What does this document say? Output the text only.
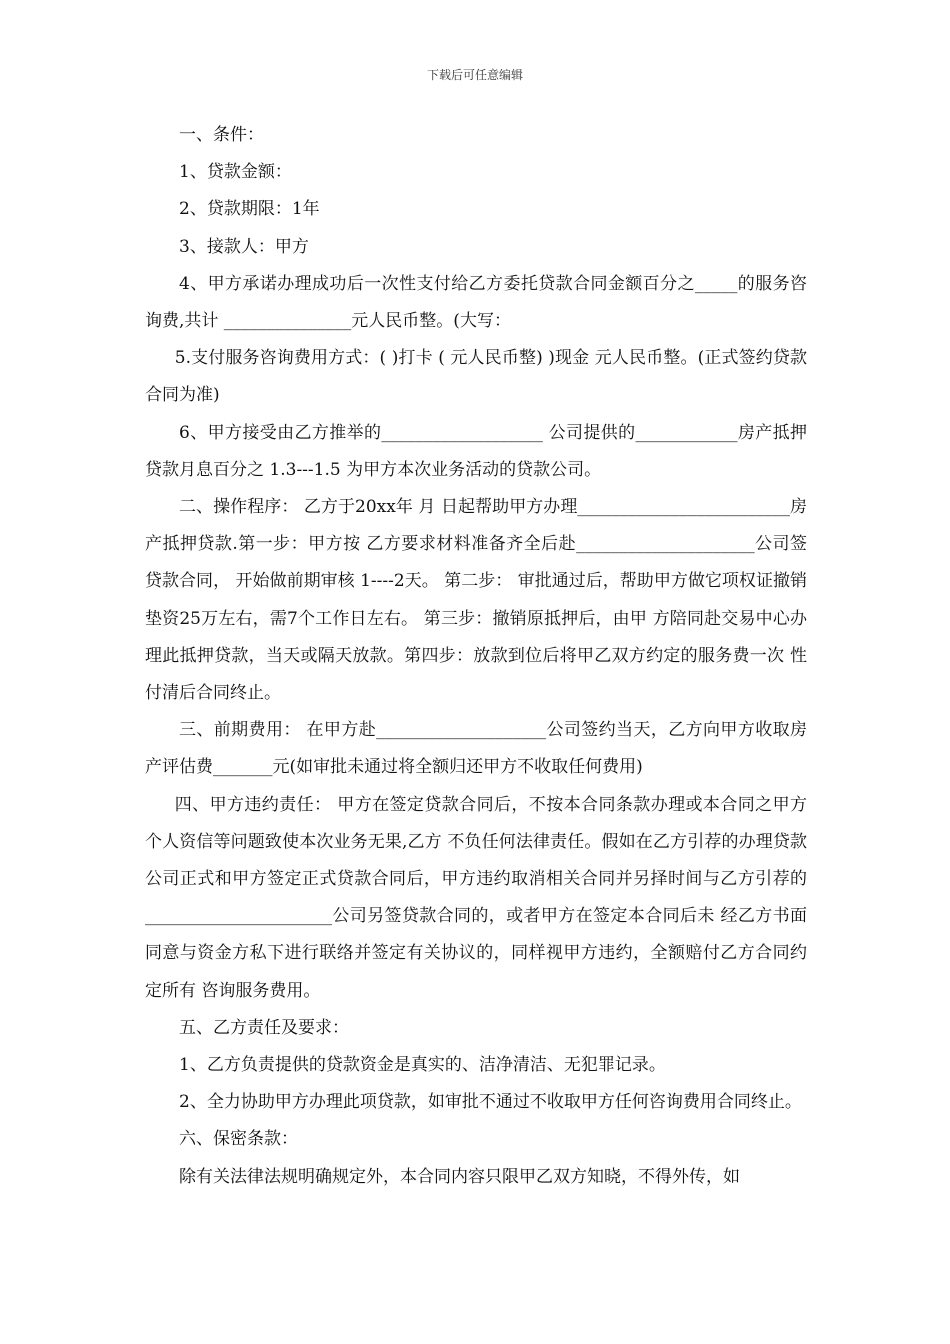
下载后可任意编辑

一、条件：

1、贷款金额：

2、贷款期限：1年

3、接款人：甲方

4、甲方承诺办理成功后一次性支付给乙方委托贷款合同金额百分之_____的服务咨询费,共计 _______________元人民币整。(大写：

5.支付服务咨询费用方式：( )打卡 ( 元人民币整) )现金 元人民币整。(正式签约贷款合同为准)

6、甲方接受由乙方推举的___________________ 公司提供的____________房产抵押贷款月息百分之 1.3---1.5 为甲方本次业务活动的贷款公司。

二、操作程序： 乙方于20xx年 月 日起帮助甲方办理_________________________房产抵押贷款.第一步：甲方按 乙方要求材料准备齐全后赴_____________________公司签贷款合同， 开始做前期审核 1----2天。 第二步： 审批通过后，帮助甲方做它项权证撤销垫资25万左右，需7个工作日左右。 第三步：撤销原抵押后，由甲 方陪同赴交易中心办理此抵押贷款，当天或隔天放款。第四步：放款到位后将甲乙双方约定的服务费一次 性付清后合同终止。

三、前期费用： 在甲方赴____________________公司签约当天，乙方向甲方收取房产评估费_______元(如审批未通过将全额归还甲方不收取任何费用)

四、甲方违约责任： 甲方在签定贷款合同后，不按本合同条款办理或本合同之甲方个人资信等问题致使本次业务无果,乙方 不负任何法律责任。假如在乙方引荐的办理贷款公司正式和甲方签定正式贷款合同后，甲方违约取消相关合同并另择时间与乙方引荐的______________________公司另签贷款合同的，或者甲方在签定本合同后未 经乙方书面同意与资金方私下进行联络并签定有关协议的，同样视甲方违约，全额赔付乙方合同约定所有 咨询服务费用。

五、乙方责任及要求：

1、乙方负责提供的贷款资金是真实的、洁净清洁、无犯罪记录。

2、全力协助甲方办理此项贷款，如审批不通过不收取甲方任何咨询费用合同终止。

六、保密条款：

除有关法律法规明确规定外，本合同内容只限甲乙双方知晓，不得外传，如
